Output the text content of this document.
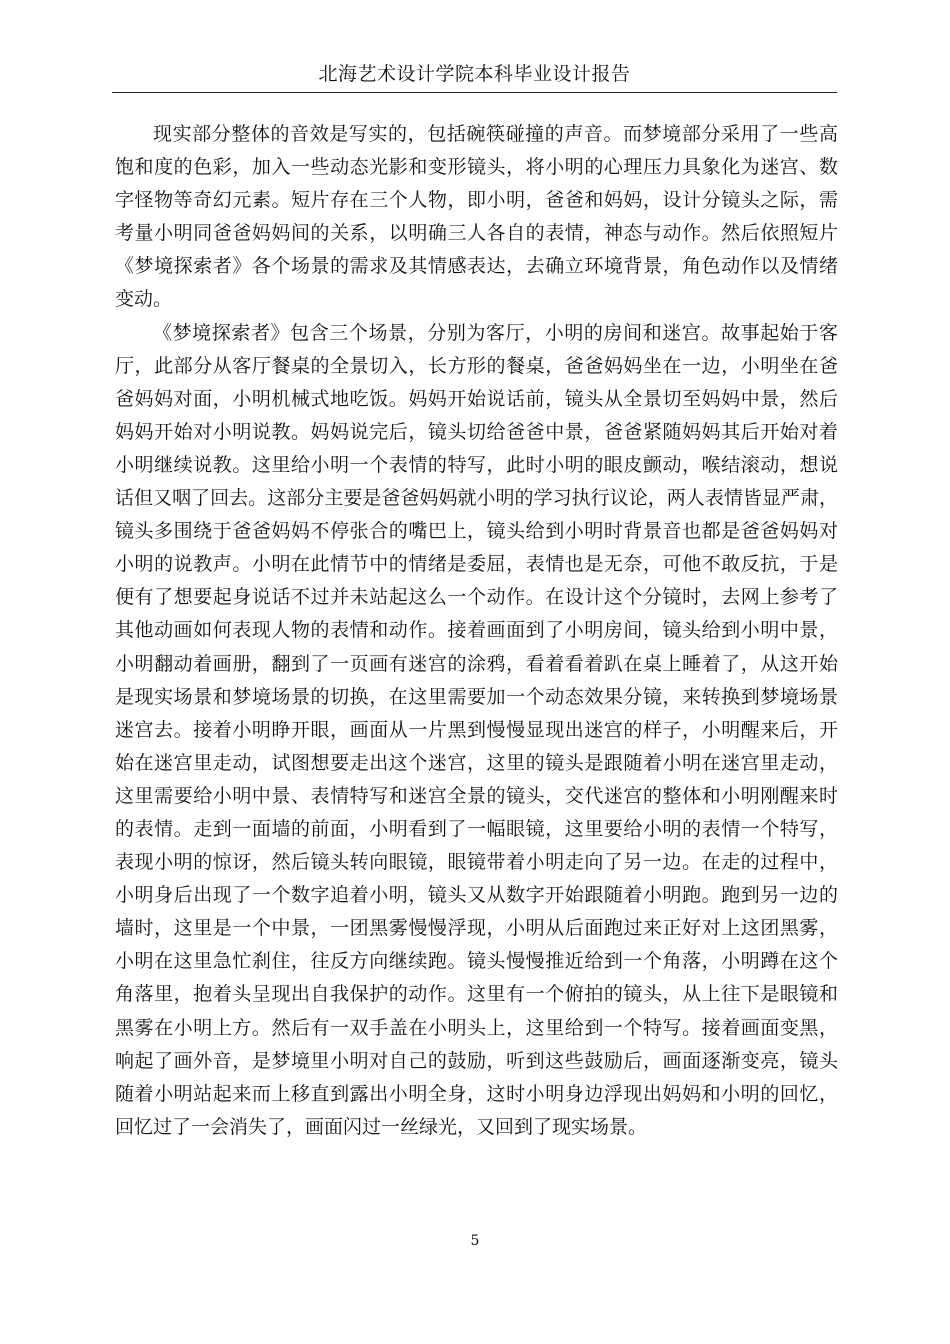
北海艺术设计学院本科毕业设计报告
现实部分整体的音效是写实的，包括碗筷碰撞的声音。而梦境部分采用了一些高
饱和度的色彩，加入一些动态光影和变形镜头，将小明的心理压力具象化为迷宫、数
字怪物等奇幻元素。短片存在三个人物，即小明，爸爸和妈妈，设计分镜头之际，需
考量小明同爸爸妈妈间的关系，以明确三人各自的表情，神态与动作。然后依照短片
《梦境探索者》各个场景的需求及其情感表达，去确立环境背景，角色动作以及情绪
变动。
《梦境探索者》包含三个场景，分别为客厅，小明的房间和迷宫。故事起始于客
厅，此部分从客厅餐桌的全景切入，长方形的餐桌，爸爸妈妈坐在一边，小明坐在爸
爸妈妈对面，小明机械式地吃饭。妈妈开始说话前，镜头从全景切至妈妈中景，然后
妈妈开始对小明说教。妈妈说完后，镜头切给爸爸中景，爸爸紧随妈妈其后开始对着
小明继续说教。这里给小明一个表情的特写，此时小明的眼皮颤动，喉结滚动，想说
话但又咽了回去。这部分主要是爸爸妈妈就小明的学习执行议论，两人表情皆显严肃，
镜头多围绕于爸爸妈妈不停张合的嘴巴上，镜头给到小明时背景音也都是爸爸妈妈对
小明的说教声。小明在此情节中的情绪是委屈，表情也是无奈，可他不敢反抗，于是
便有了想要起身说话不过并未站起这么一个动作。在设计这个分镜时，去网上参考了
其他动画如何表现人物的表情和动作。接着画面到了小明房间，镜头给到小明中景，
小明翻动着画册，翻到了一页画有迷宫的涂鸦，看着看着趴在桌上睡着了，从这开始
是现实场景和梦境场景的切换，在这里需要加一个动态效果分镜，来转换到梦境场景
迷宫去。接着小明睁开眼，画面从一片黑到慢慢显现出迷宫的样子，小明醒来后，开
始在迷宫里走动，试图想要走出这个迷宫，这里的镜头是跟随着小明在迷宫里走动，
这里需要给小明中景、表情特写和迷宫全景的镜头，交代迷宫的整体和小明刚醒来时
的表情。走到一面墙的前面，小明看到了一幅眼镜，这里要给小明的表情一个特写，
表现小明的惊讶，然后镜头转向眼镜，眼镜带着小明走向了另一边。在走的过程中，
小明身后出现了一个数字追着小明，镜头又从数字开始跟随着小明跑。跑到另一边的
墙时，这里是一个中景，一团黑雾慢慢浮现，小明从后面跑过来正好对上这团黑雾，
小明在这里急忙刹住，往反方向继续跑。镜头慢慢推近给到一个角落，小明蹲在这个
角落里，抱着头呈现出自我保护的动作。这里有一个俯拍的镜头，从上往下是眼镜和
黑雾在小明上方。然后有一双手盖在小明头上，这里给到一个特写。接着画面变黑，
响起了画外音，是梦境里小明对自己的鼓励，听到这些鼓励后，画面逐渐变亮，镜头
随着小明站起来而上移直到露出小明全身，这时小明身边浮现出妈妈和小明的回忆，
回忆过了一会消失了，画面闪过一丝绿光，又回到了现实场景。
5
